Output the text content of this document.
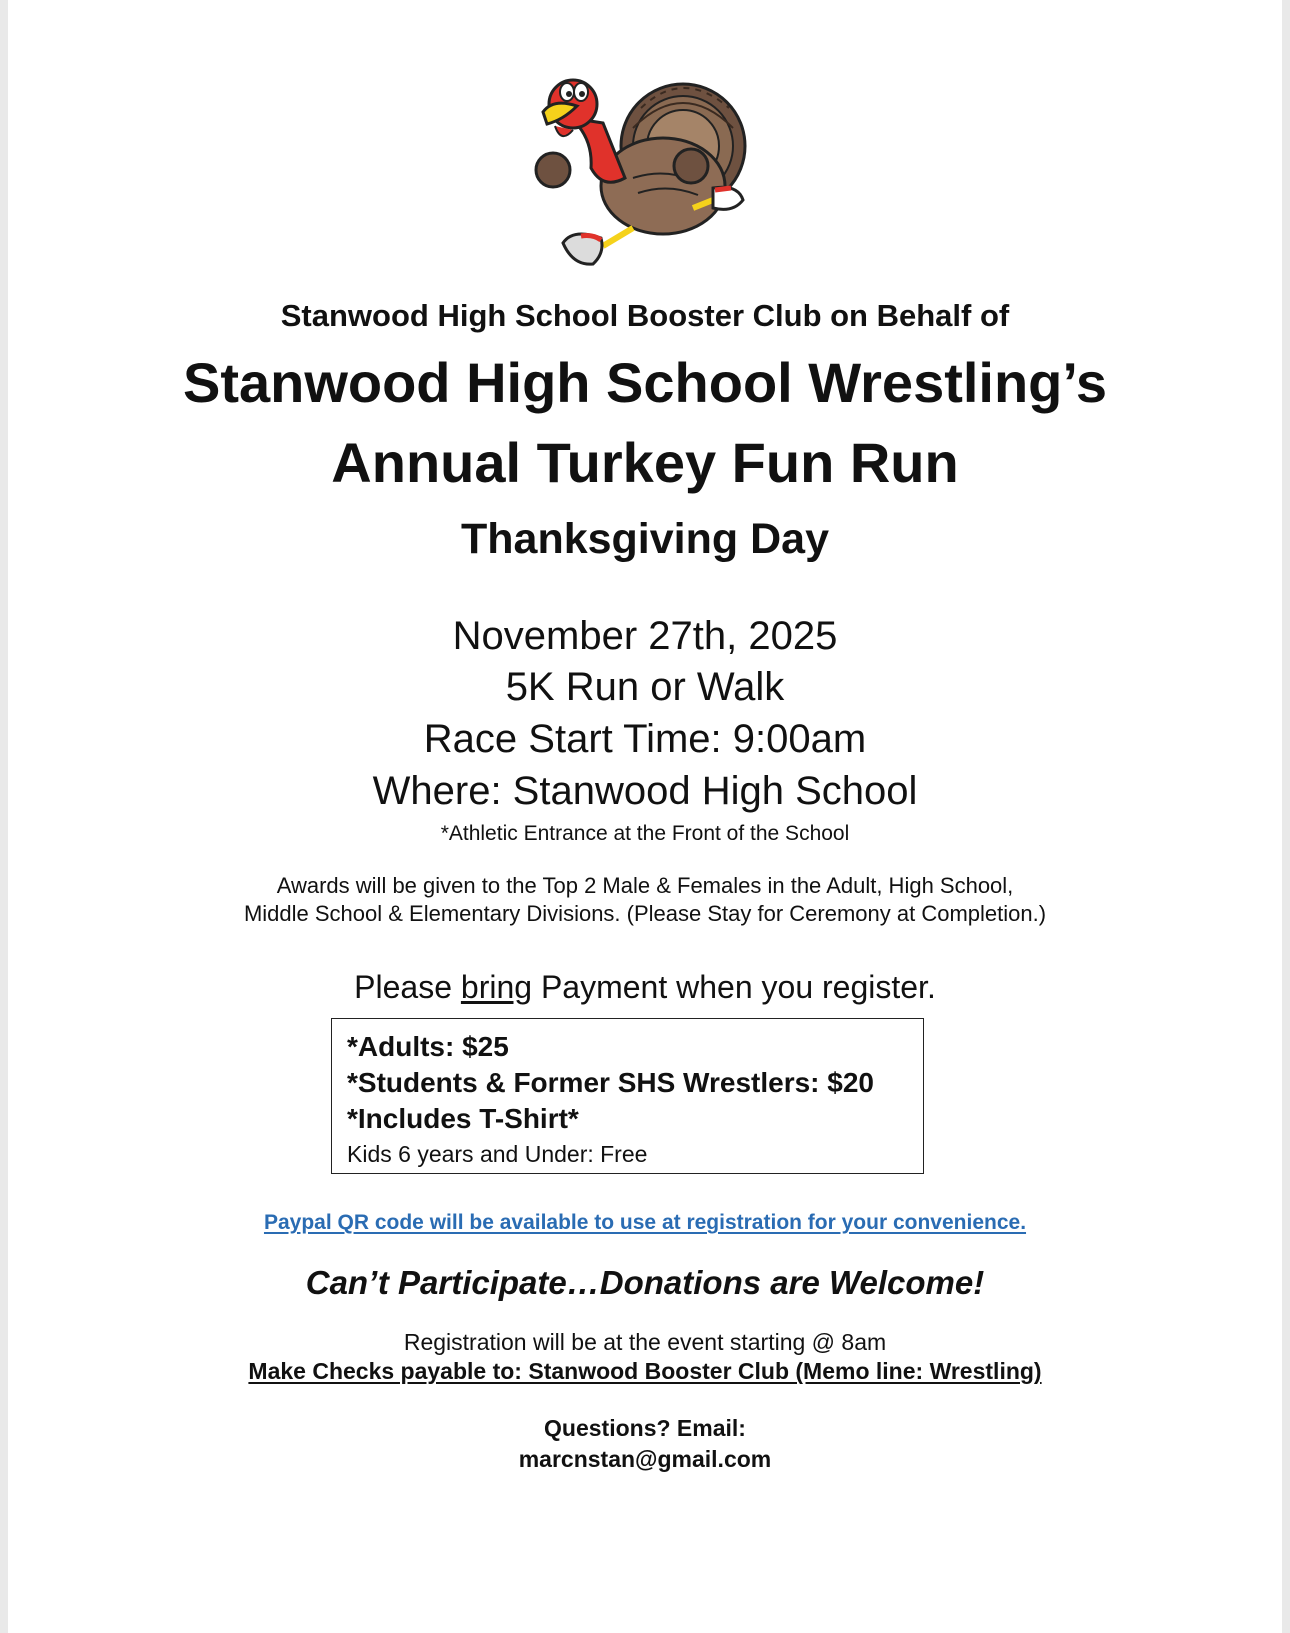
Stanwood High School Booster Club on Behalf of
Stanwood High School Wrestling’s
Annual Turkey Fun Run
Thanksgiving Day
November 27th, 2025
5K Run or Walk
Race Start Time: 9:00am
Where: Stanwood High School
*Athletic Entrance at the Front of the School
Awards will be given to the Top 2 Male & Females in the Adult, High School,
Middle School & Elementary Divisions. (Please Stay for Ceremony at Completion.)
Please bring Payment when you register.
*Adults: $25
*Students & Former SHS Wrestlers: $20
*Includes T-Shirt*
Kids 6 years and Under: Free
Paypal QR code will be available to use at registration for your convenience.
Can’t Participate…Donations are Welcome!
Registration will be at the event starting @ 8am
Make Checks payable to: Stanwood Booster Club (Memo line: Wrestling)
Questions? Email:
marcnstan@gmail.com
